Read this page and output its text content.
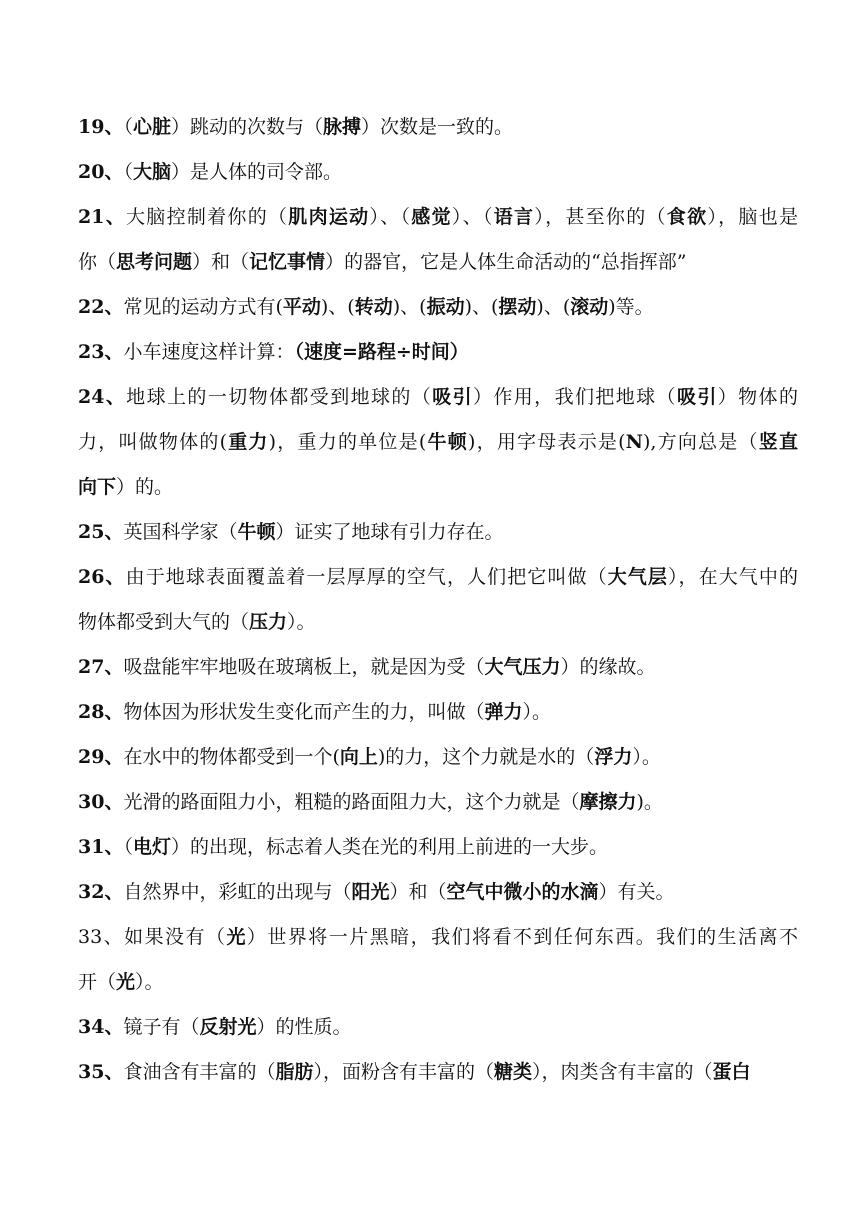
19、（心脏）跳动的次数与（脉搏）次数是一致的。
20、（大脑）是人体的司令部。
21、大脑控制着你的（肌肉运动）、（感觉）、（语言），甚至你的（食欲），脑也是
你（思考问题）和（记忆事情）的器官，它是人体生命活动的“总指挥部”
22、常见的运动方式有(平动)、(转动)、(振动)、(摆动)、(滚动)等。
23、小车速度这样计算：（速度=路程÷时间）
24、地球上的一切物体都受到地球的（吸引）作用，我们把地球（吸引）物体的
力，叫做物体的(重力)，重力的单位是(牛顿)，用字母表示是(N),方向总是（竖直
向下）的。
25、英国科学家（牛顿）证实了地球有引力存在。
26、由于地球表面覆盖着一层厚厚的空气，人们把它叫做（大气层），在大气中的
物体都受到大气的（压力）。
27、吸盘能牢牢地吸在玻璃板上，就是因为受（大气压力）的缘故。
28、物体因为形状发生变化而产生的力，叫做（弹力）。
29、在水中的物体都受到一个(向上)的力，这个力就是水的（浮力）。
30、光滑的路面阻力小，粗糙的路面阻力大，这个力就是（摩擦力)。
31、（电灯）的出现，标志着人类在光的利用上前进的一大步。
32、自然界中，彩虹的出现与（阳光）和（空气中微小的水滴）有关。
33、如果没有（光）世界将一片黑暗，我们将看不到任何东西。我们的生活离不
开（光）。
34、镜子有（反射光）的性质。
35、食油含有丰富的（脂肪），面粉含有丰富的（糖类），肉类含有丰富的（蛋白
